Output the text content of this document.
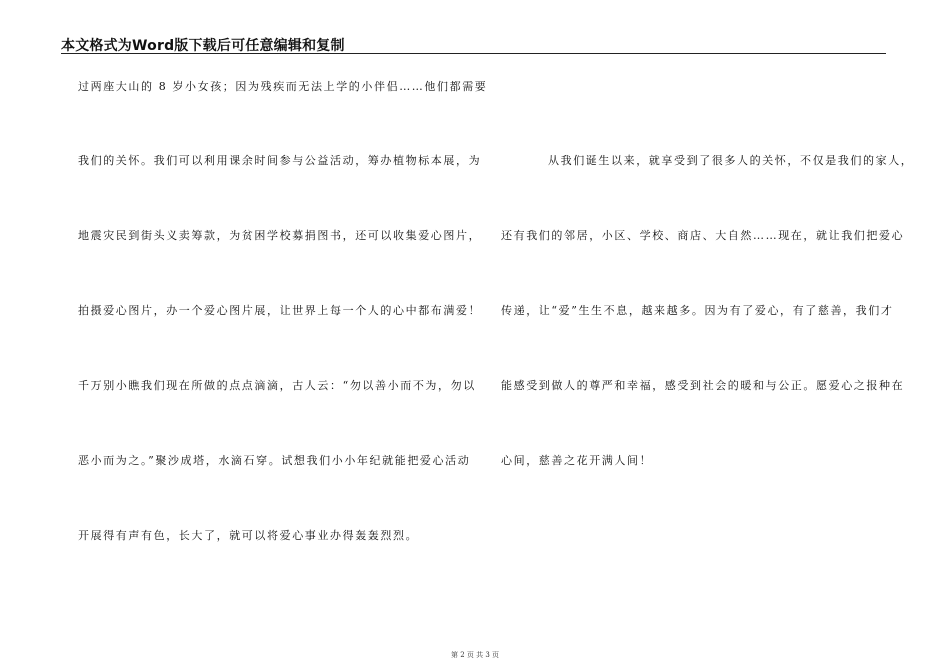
本文格式为Word版下载后可任意编辑和复制
过两座大山的 8 岁小女孩；因为残疾而无法上学的小伴侣……他们都需要
我们的关怀。我们可以利用课余时间参与公益活动，筹办植物标本展，为
地震灾民到街头义卖筹款，为贫困学校募捐图书，还可以收集爱心图片，
拍摄爱心图片，办一个爱心图片展，让世界上每一个人的心中都布满爱！
千万别小瞧我们现在所做的点点滴滴，古人云：“勿以善小而不为，勿以
恶小而为之。”聚沙成塔，水滴石穿。试想我们小小年纪就能把爱心活动
开展得有声有色，长大了，就可以将爱心事业办得轰轰烈烈。
从我们诞生以来，就享受到了很多人的关怀，不仅是我们的家人，
还有我们的邻居，小区、学校、商店、大自然……现在，就让我们把爱心
传递，让“爱”生生不息，越来越多。因为有了爱心，有了慈善，我们才
能感受到做人的尊严和幸福，感受到社会的暖和与公正。愿爱心之报种在
心间，慈善之花开满人间！
第 2 页 共 3 页
